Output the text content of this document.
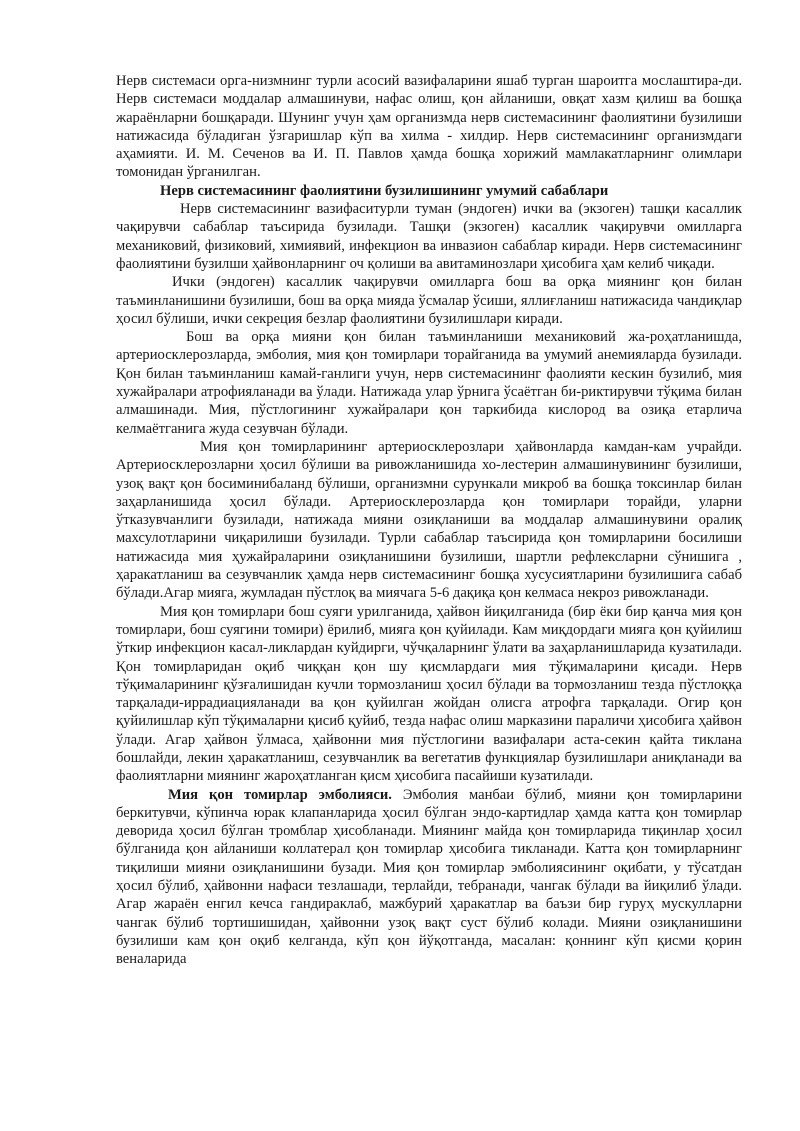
Нерв системаси орга-низмнинг турли асосий вазифаларини яшаб турган шароитга мослаштира-ди. Нерв системаси моддалар алмашинуви, нафас олиш, қон айланиши, овқат хазм қилиш ва бошқа жараёнларни бошқаради. Шунинг учун ҳам организмда нерв системасининг фаолиятини бузилиши натижасида бўладиган ўзгаришлар кўп ва хилма - хилдир. Нерв системасининг организмдаги аҳамияти. И. М. Сеченов ва И. П. Павлов ҳамда бошқа хорижий мамлакатларнинг олимлари томонидан ўрганилган.

Нерв системасининг фаолиятини бузилишининг умумий сабаблари

Нерв системасининг вазифаситурли туман (эндоген) ички ва (экзоген) ташқи касаллик чақирувчи сабаблар таъсирида бузилади. Ташқи (экзоген) касаллик чақирувчи омилларга механиковий, физиковий, химиявий, инфекцион ва инвазион сабаблар киради. Нерв системасининг фаолиятини бузилши ҳайвонларнинг оч қолиши ва авитаминозлари ҳисобига ҳам келиб чиқади.

Ички (эндоген) касаллик чақирувчи омилларга бош ва орқа миянинг қон билан таъминланишини бузилиши, бош ва орқа мияда ўсмалар ўсиши, яллиғланиш натижасида чандиқлар ҳосил бўлиши, ички секреция безлар фаолиятини бузилишлари киради.

Бош ва орқа мияни қон билан таъминланиши механиковий жа-роҳатланишда, артериосклерозларда, эмболия, мия қон томирлари торайганида ва умумий анемияларда бузилади. Қон билан таъминланиш камай-ганлиги учун, нерв системасининг фаолияти кескин бузилиб, мия хужайралари атрофияланади ва ўлади. Натижада улар ўрнига ўсаётган би-риктирувчи тўқима билан алмашинади. Мия, пўстлогининг хужайралари қон таркибида кислород ва озиқа етарлича келмаётганига жуда сезувчан бўлади.

Мия қон томирларининг артериосклерозлари ҳайвонларда камдан-кам учрайди. Артериосклерозларни ҳосил бўлиши ва ривожланишида хо-лестерин алмашинувининг бузилиши, узоқ вақт қон босиминибаланд бўлиши, организмни сурункали микроб ва бошқа токсинлар билан заҳарланишида ҳосил бўлади. Артериосклерозларда қон томирлари торайди, уларни ўтказувчанлиги бузилади, натижада мияни озиқланиши ва моддалар алмашинувини оралиқ махсулотларини чиқарилиши бузилади. Турли сабаблар таъсирида қон томирларини босилиши натижасида мия ҳужайраларини озиқланишини бузилиши, шартли рефлексларни сўнишига , ҳаракатланиш ва сезувчанлик ҳамда нерв системасининг бошқа хусусиятларини бузилишига сабаб бўлади.Агар мияга, жумладан пўстлоқ ва миячага 5-6 дақиқа қон келмаса некроз ривожланади.

Мия қон томирлари бош суяги урилганида, ҳайвон йиқилганида (бир ёки бир қанча мия қон томирлари, бош суягини томири) ёрилиб, мияга қон қуйилади. Кам миқдордаги мияга қон қуйилиш ўткир инфекцион касал-ликлардан куйдирги, чўчқаларнинг ўлати ва заҳарланишларида кузатилади. Қон томирларидан оқиб чиққан қон шу қисмлардаги мия тўқималарини қисади. Нерв тўқималарининг қўзғалишидан кучли тормозланиш ҳосил бўлади ва тормозланиш тезда пўстлоққа тарқалади-иррадиацияланади ва қон қуйилган жойдан олисга атрофга тарқалади. Огир қон қуйилишлар кўп тўқималарни қисиб қуйиб, тезда нафас олиш марказини параличи ҳисобига ҳайвон ўлади. Агар ҳайвон ўлмаса, ҳайвонни мия пўстлогини вазифалари аста-секин қайта тиклана бошлайди, лекин ҳаракатланиш, сезувчанлик ва вегетатив функциялар бузилишлари аниқланади ва фаолиятларни миянинг жароҳатланган қисм ҳисобига пасайиши кузатилади.

Мия қон томирлар эмболияси. Эмболия манбаи бўлиб, мияни қон томирларини беркитувчи, кўпинча юрак клапанларида ҳосил бўлган эндо-картидлар ҳамда катта қон томирлар деворида ҳосил бўлган тромблар ҳисобланади. Миянинг майда қон томирларида тиқинлар ҳосил бўлганида қон айланиши коллатерал қон томирлар ҳисобига тикланади. Катта қон томирларнинг тиқилиши мияни озиқланишини бузади. Мия қон томирлар эмболиясининг оқибати, у тўсатдан ҳосил бўлиб, ҳайвонни нафаси тезлашади, терлайди, тебранади, чангак бўлади ва йиқилиб ўлади. Агар жараён енгил кечса гандираклаб, мажбурий ҳаракатлар ва баъзи бир гуруҳ мускулларни чангак бўлиб тортишишидан, ҳайвонни узоқ вақт суст бўлиб колади. Мияни озиқланишини бузилиши кам қон оқиб келганда, кўп қон йўқотганда, масалан: қоннинг кўп қисми қорин веналарида
